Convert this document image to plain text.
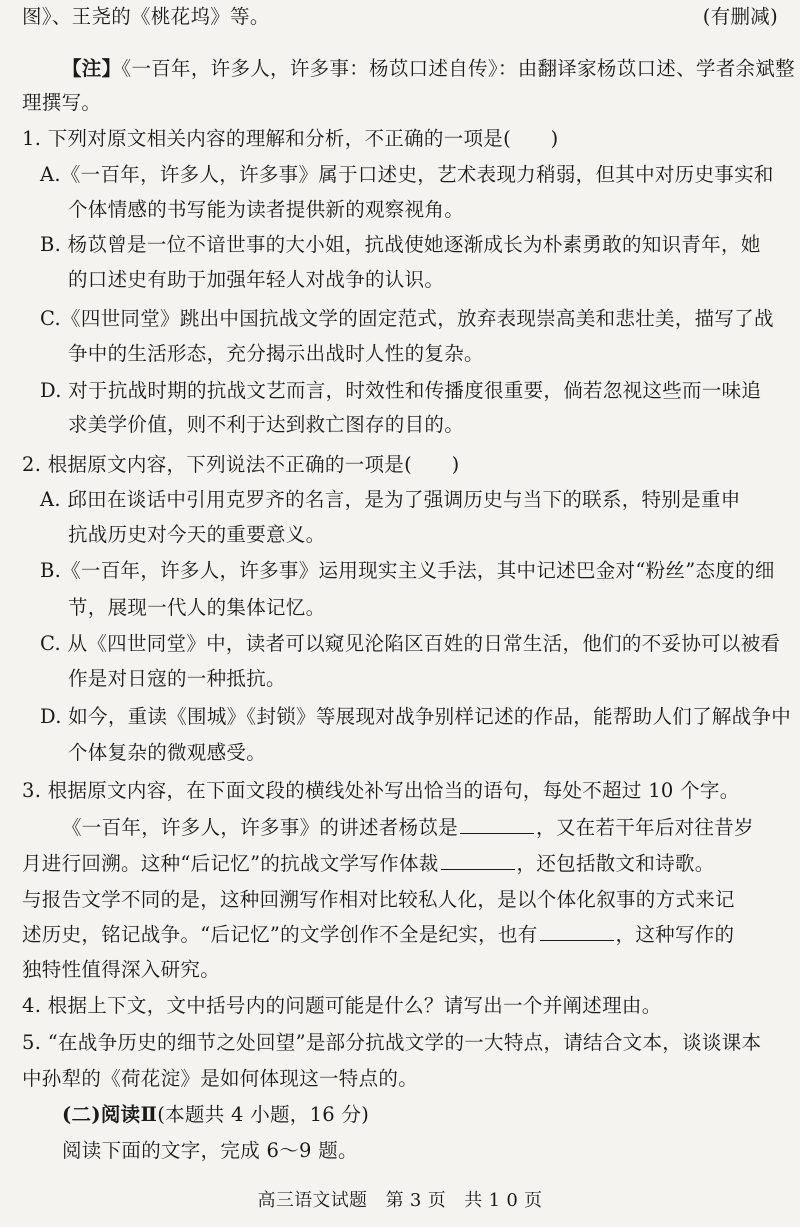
图》、王尧的《桃花坞》等。	(有删减)
【注】《一百年，许多人，许多事：杨苡口述自传》：由翻译家杨苡口述、学者余斌整
理撰写。
1. 下列对原文相关内容的理解和分析，不正确的一项是(　　)
A.《一百年，许多人，许多事》属于口述史，艺术表现力稍弱，但其中对历史事实和
个体情感的书写能为读者提供新的观察视角。
B. 杨苡曾是一位不谙世事的大小姐，抗战使她逐渐成长为朴素勇敢的知识青年，她
的口述史有助于加强年轻人对战争的认识。
C.《四世同堂》跳出中国抗战文学的固定范式，放弃表现崇高美和悲壮美，描写了战
争中的生活形态，充分揭示出战时人性的复杂。
D. 对于抗战时期的抗战文艺而言，时效性和传播度很重要，倘若忽视这些而一味追
求美学价值，则不利于达到救亡图存的目的。
2. 根据原文内容，下列说法不正确的一项是(　　)
A. 邱田在谈话中引用克罗齐的名言，是为了强调历史与当下的联系，特别是重申
抗战历史对今天的重要意义。
B.《一百年，许多人，许多事》运用现实主义手法，其中记述巴金对“粉丝”态度的细
节，展现一代人的集体记忆。
C. 从《四世同堂》中，读者可以窥见沦陷区百姓的日常生活，他们的不妥协可以被看
作是对日寇的一种抵抗。
D. 如今，重读《围城》《封锁》等展现对战争别样记述的作品，能帮助人们了解战争中
个体复杂的微观感受。
3. 根据原文内容，在下面文段的横线处补写出恰当的语句，每处不超过 10 个字。
《一百年，许多人，许多事》的讲述者杨苡是	，又在若干年后对往昔岁
月进行回溯。这种“后记忆”的抗战文学写作体裁	，还包括散文和诗歌。
与报告文学不同的是，这种回溯写作相对比较私人化，是以个体化叙事的方式来记
述历史，铭记战争。“后记忆”的文学创作不全是纪实，也有	，这种写作的
独特性值得深入研究。
4. 根据上下文，文中括号内的问题可能是什么？请写出一个并阐述理由。
5. “在战争历史的细节之处回望”是部分抗战文学的一大特点，请结合文本，谈谈课本
中孙犁的《荷花淀》是如何体现这一特点的。
(二)阅读Ⅱ(本题共 4 小题，16 分)
阅读下面的文字，完成 6～9 题。
高三语文试题　第 3 页　共 1 0 页
